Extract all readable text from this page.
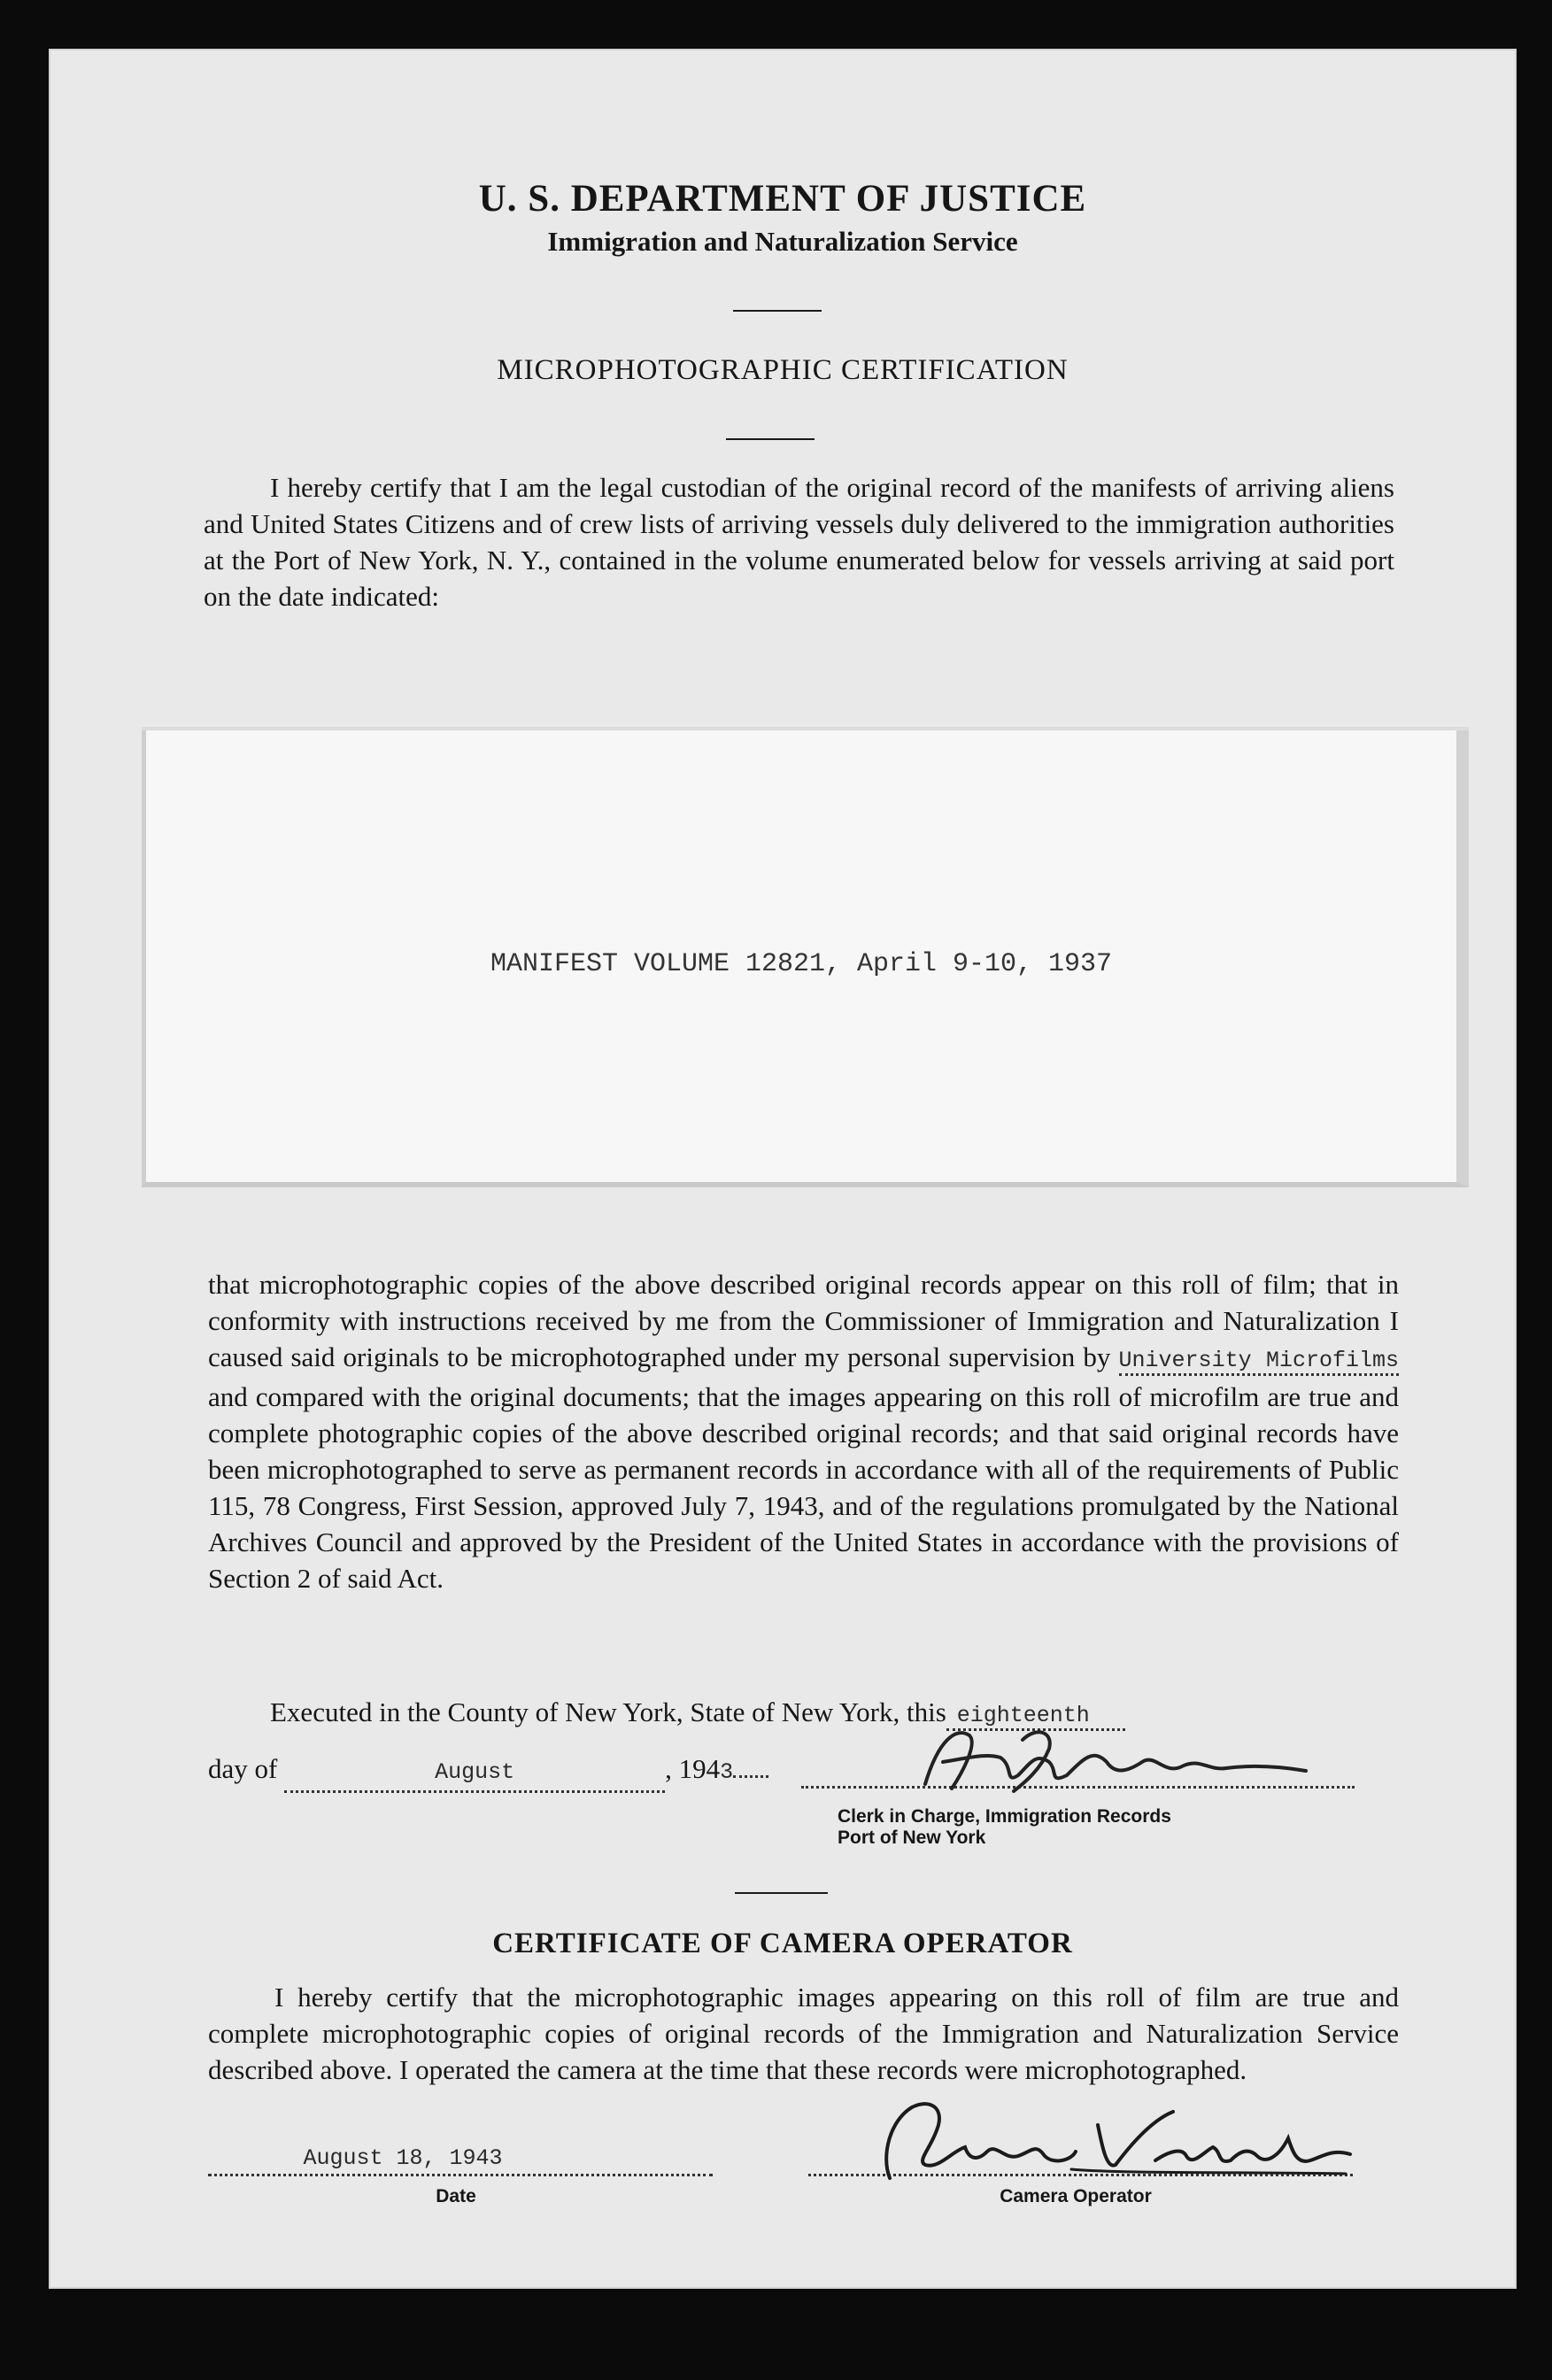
U. S. DEPARTMENT OF JUSTICE
Immigration and Naturalization Service
MICROPHOTOGRAPHIC CERTIFICATION
I hereby certify that I am the legal custodian of the original record of the manifests of arriving aliens and United States Citizens and of crew lists of arriving vessels duly delivered to the immigration authorities at the Port of New York, N. Y., contained in the volume enumerated below for vessels arriving at said port on the date indicated:
MANIFEST VOLUME 12821, April 9-10, 1937
that microphotographic copies of the above described original records appear on this roll of film; that in conformity with instructions received by me from the Commissioner of Immigration and Naturalization I caused said originals to be microphotographed under my personal supervision by University Microfilms and compared with the original documents; that the images appearing on this roll of microfilm are true and complete photographic copies of the above described original records; and that said original records have been microphotographed to serve as permanent records in accordance with all of the requirements of Public 115, 78 Congress, First Session, approved July 7, 1943, and of the regulations promulgated by the National Archives Council and approved by the President of the United States in accordance with the provisions of Section 2 of said Act.
Executed in the County of New York, State of New York, this eighteenth
day of	August	, 1943
Clerk in Charge, Immigration Records
Port of New York
CERTIFICATE OF CAMERA OPERATOR
I hereby certify that the microphotographic images appearing on this roll of film are true and complete microphotographic copies of original records of the Immigration and Naturalization Service described above. I operated the camera at the time that these records were microphotographed.
August 18, 1943
Date	Camera Operator
